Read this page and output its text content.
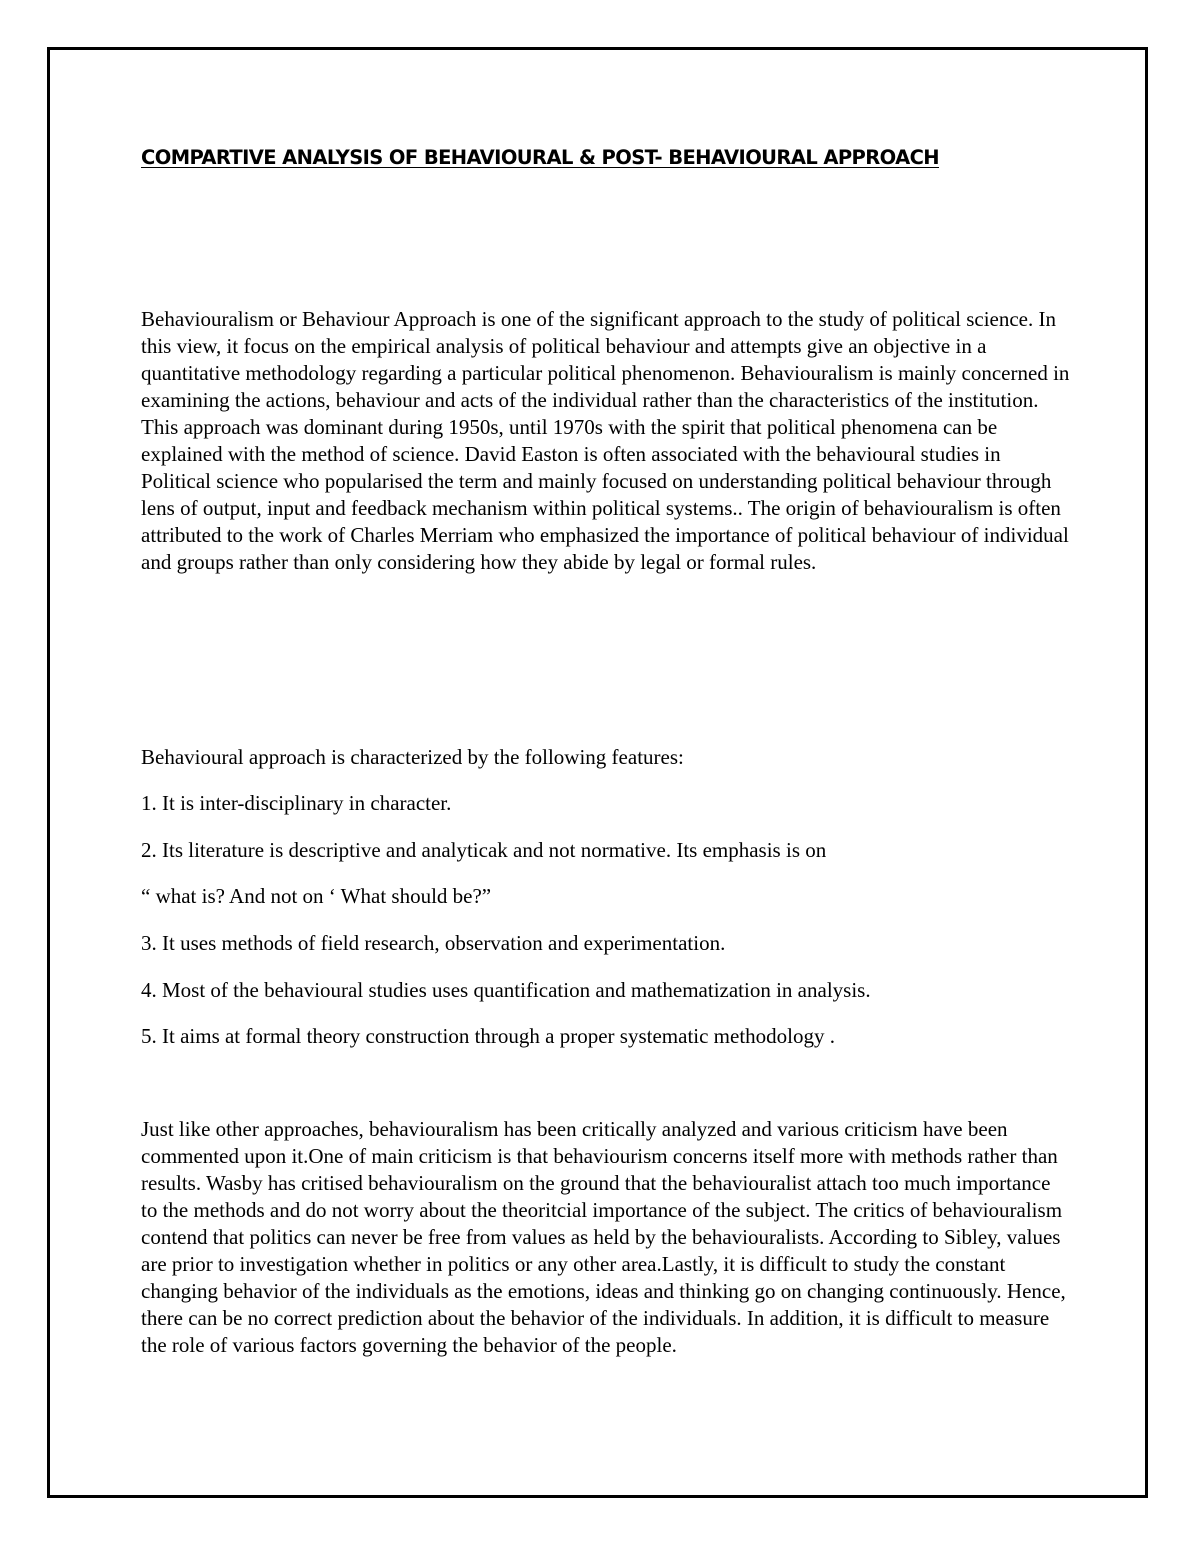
COMPARTIVE ANALYSIS OF BEHAVIOURAL & POST- BEHAVIOURAL APPROACH

Behaviouralism or Behaviour Approach is one of the significant approach to the study of political science. In this view, it focus on the empirical analysis of political behaviour and attempts give an objective in a quantitative methodology regarding a particular political phenomenon. Behaviouralism is mainly concerned in examining the actions, behaviour and acts of the individual rather than the characteristics of the institution. This approach was dominant during 1950s, until 1970s with the spirit that political phenomena can be explained with the method of science. David Easton is often associated with the behavioural studies in Political science who popularised the term and mainly focused on understanding political behaviour through lens of output, input and feedback mechanism within political systems.. The origin of behaviouralism is often attributed to the work of Charles Merriam who emphasized the importance of political behaviour of individual and groups rather than only considering how they abide by legal or formal rules.

Behavioural approach is characterized by the following features:

1. It is inter-disciplinary in character.

2. Its literature is descriptive and analyticak and not normative. Its emphasis is on

“ what is? And not on ‘ What should be?”

3. It uses methods of field research, observation and experimentation.

4. Most of the behavioural studies uses quantification and mathematization in analysis.

5. It aims at formal theory construction through a proper systematic methodology .

Just like other approaches, behaviouralism has been critically analyzed and various criticism have been commented upon it.One of main criticism is that behaviourism concerns itself more with methods rather than results. Wasby has critised behaviouralism on the ground that the behaviouralist attach too much importance to the methods and do not worry about the theoritcial importance of the subject. The critics of behaviouralism contend that politics can never be free from values as held by the behaviouralists. According to Sibley, values are prior to investigation whether in politics or any other area.Lastly, it is difficult to study the constant changing behavior of the individuals as the emotions, ideas and thinking go on changing continuously. Hence, there can be no correct prediction about the behavior of the individuals. In addition, it is difficult to measure the role of various factors governing the behavior of the people.
